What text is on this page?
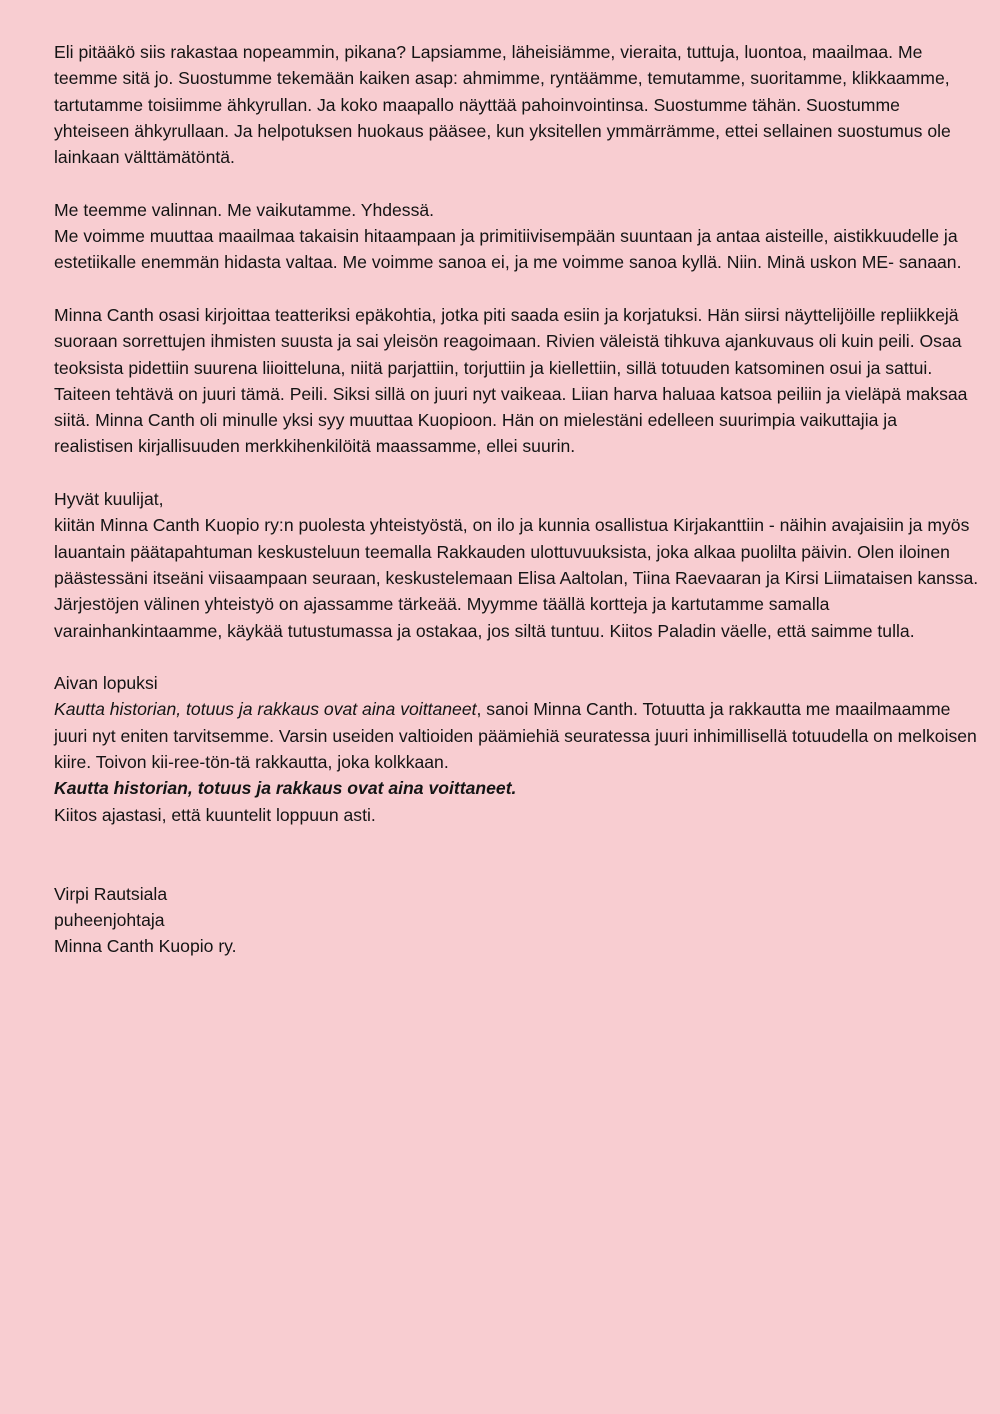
Eli pitääkö siis rakastaa nopeammin, pikana? Lapsiamme, läheisiämme, vieraita, tuttuja, luontoa, maailmaa. Me teemme sitä jo. Suostumme tekemään kaiken asap: ahmimme, ryntäämme, temutamme, suoritamme, klikkaamme, tartutamme toisiimme ähkyrullan. Ja koko maapallo näyttää pahoinvointinsa. Suostumme tähän. Suostumme yhteiseen ähkyrullaan. Ja helpotuksen huokaus pääsee, kun yksitellen ymmärrämme, ettei sellainen suostumus ole lainkaan välttämätöntä.

Me teemme valinnan. Me vaikutamme. Yhdessä.

Me voimme muuttaa maailmaa takaisin hitaampaan ja primitiivisempään suuntaan ja antaa aisteille, aistikkuudelle ja estetiikalle enemmän hidasta valtaa. Me voimme sanoa ei, ja me voimme sanoa kyllä. Niin. Minä uskon ME- sanaan.

Minna Canth osasi kirjoittaa teatteriksi epäkohtia, jotka piti saada esiin ja korjatuksi. Hän siirsi näyttelijöille repliikkejä suoraan sorrettujen ihmisten suusta ja sai yleisön reagoimaan. Rivien väleistä tihkuva ajankuvaus oli kuin peili. Osaa teoksista pidettiin suurena liioitteluna, niitä parjattiin, torjuttiin ja kiellettiin, sillä totuuden katsominen osui ja sattui. Taiteen tehtävä on juuri tämä. Peili. Siksi sillä on juuri nyt vaikeaa. Liian harva haluaa katsoa peiliin ja vieläpä maksaa siitä. Minna Canth oli minulle yksi syy muuttaa Kuopioon. Hän on mielestäni edelleen suurimpia vaikuttajia ja realistisen kirjallisuuden merkkihenkilöitä maassamme, ellei suurin.

Hyvät kuulijat,

kiitän Minna Canth Kuopio ry:n puolesta yhteistyöstä, on ilo ja kunnia osallistua Kirjakanttiin - näihin avajaisiin ja myös lauantain päätapahtuman keskusteluun teemalla Rakkauden ulottuvuuksista, joka alkaa puolilta päivin. Olen iloinen päästessäni itseäni viisaampaan seuraan, keskustelemaan Elisa Aaltolan, Tiina Raevaaran ja Kirsi Liimataisen kanssa.

Järjestöjen välinen yhteistyö on ajassamme tärkeää. Myymme täällä kortteja ja kartutamme samalla varainhankintaamme, käykää tutustumassa ja ostakaa, jos siltä tuntuu. Kiitos Paladin väelle, että saimme tulla.

Aivan lopuksi

Kautta historian, totuus ja rakkaus ovat aina voittaneet, sanoi Minna Canth. Totuutta ja rakkautta me maailmaamme juuri nyt eniten tarvitsemme. Varsin useiden valtioiden päämiehiä seuratessa juuri inhimillisellä totuudella on melkoisen kiire. Toivon kii-ree-tön-tä rakkautta, joka kolkkaan.

Kautta historian, totuus ja rakkaus ovat aina voittaneet.

Kiitos ajastasi, että kuuntelit loppuun asti.

Virpi Rautsiala

puheenjohtaja

Minna Canth Kuopio ry.
